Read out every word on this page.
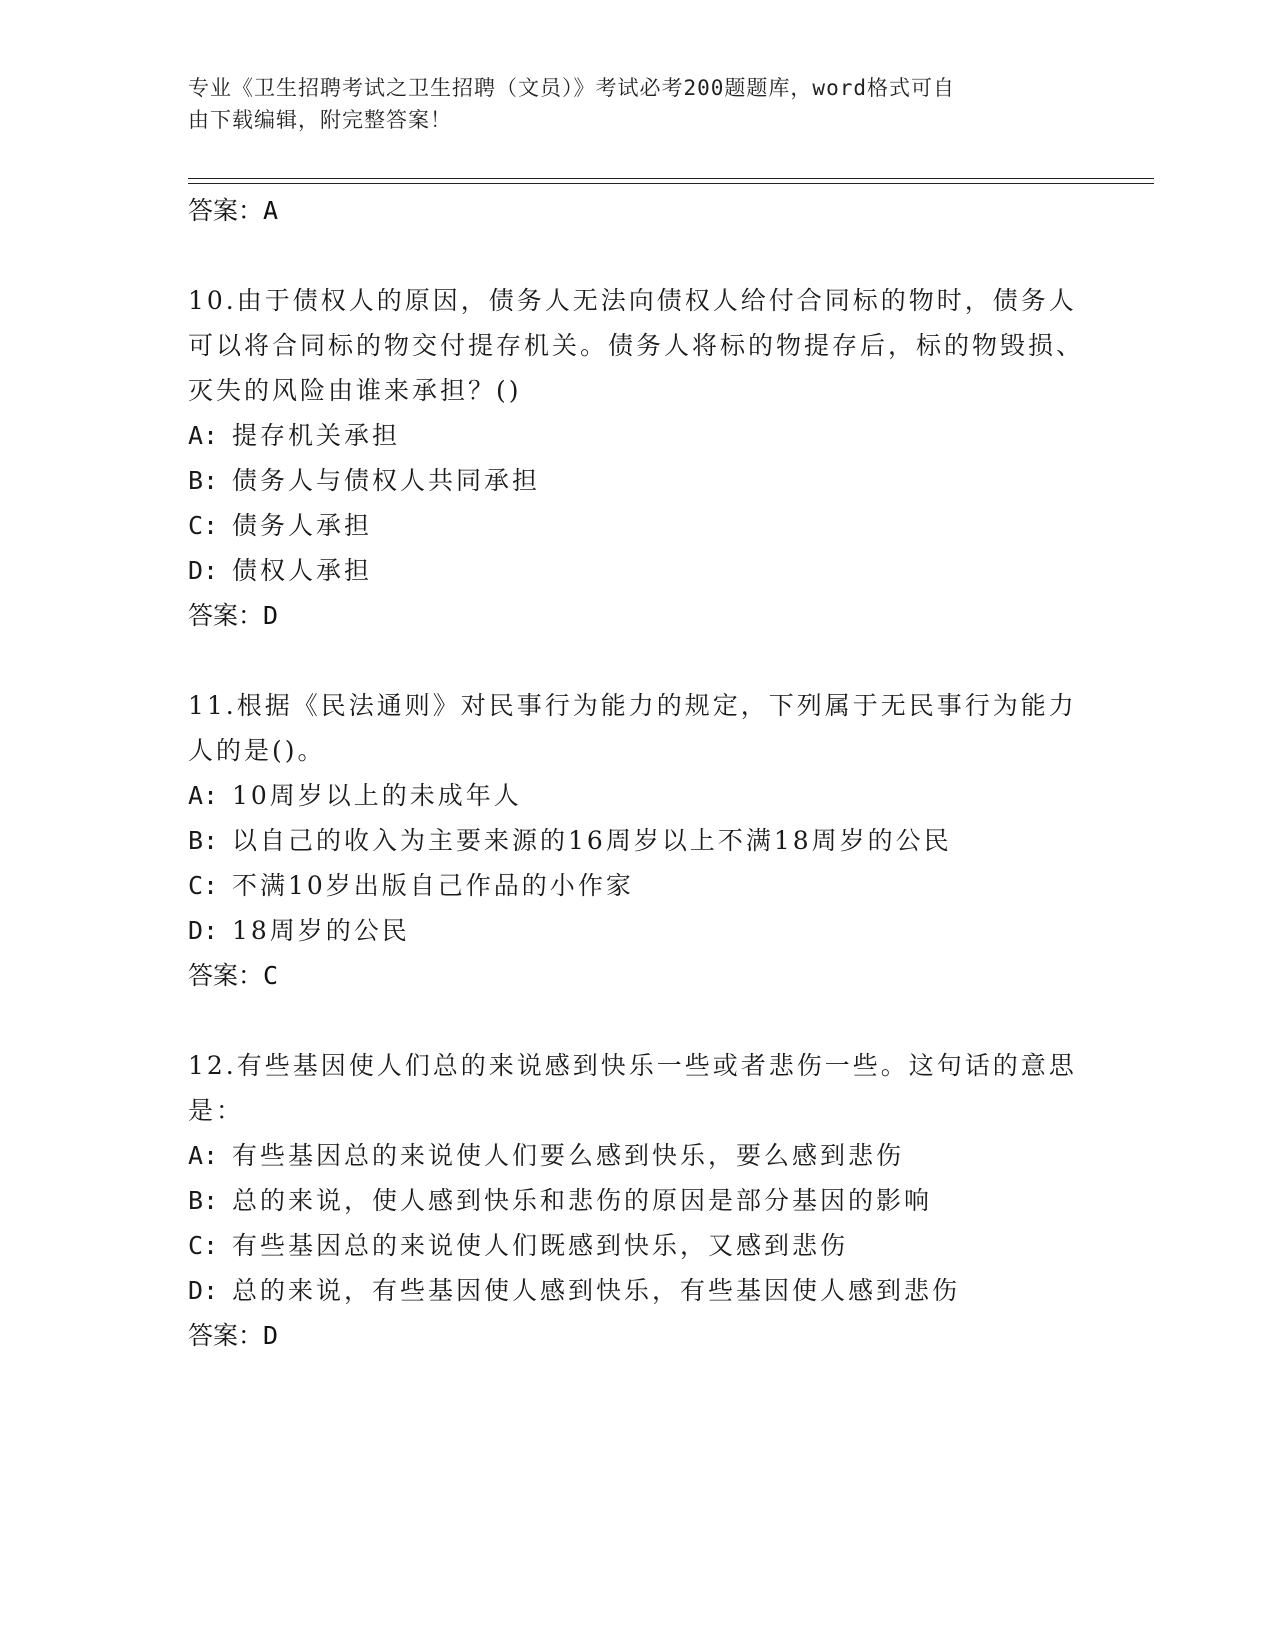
专业《卫生招聘考试之卫生招聘（文员）》考试必考200题题库，word格式可自
由下载编辑，附完整答案！
答案：A

10.由于债权人的原因，债务人无法向债权人给付合同标的物时，债务人可以将合同标的物交付提存机关。债务人将标的物提存后，标的物毁损、灭失的风险由谁来承担？()

A: 提存机关承担
B: 债务人与债权人共同承担
C: 债务人承担
D: 债权人承担
答案：D

11.根据《民法通则》对民事行为能力的规定，下列属于无民事行为能力人的是()。

A: 10周岁以上的未成年人
B: 以自己的收入为主要来源的16周岁以上不满18周岁的公民
C: 不满10岁出版自己作品的小作家
D: 18周岁的公民
答案：C

12.有些基因使人们总的来说感到快乐一些或者悲伤一些。这句话的意思是：

A: 有些基因总的来说使人们要么感到快乐，要么感到悲伤
B: 总的来说，使人感到快乐和悲伤的原因是部分基因的影响
C: 有些基因总的来说使人们既感到快乐，又感到悲伤
D: 总的来说，有些基因使人感到快乐，有些基因使人感到悲伤
答案：D
